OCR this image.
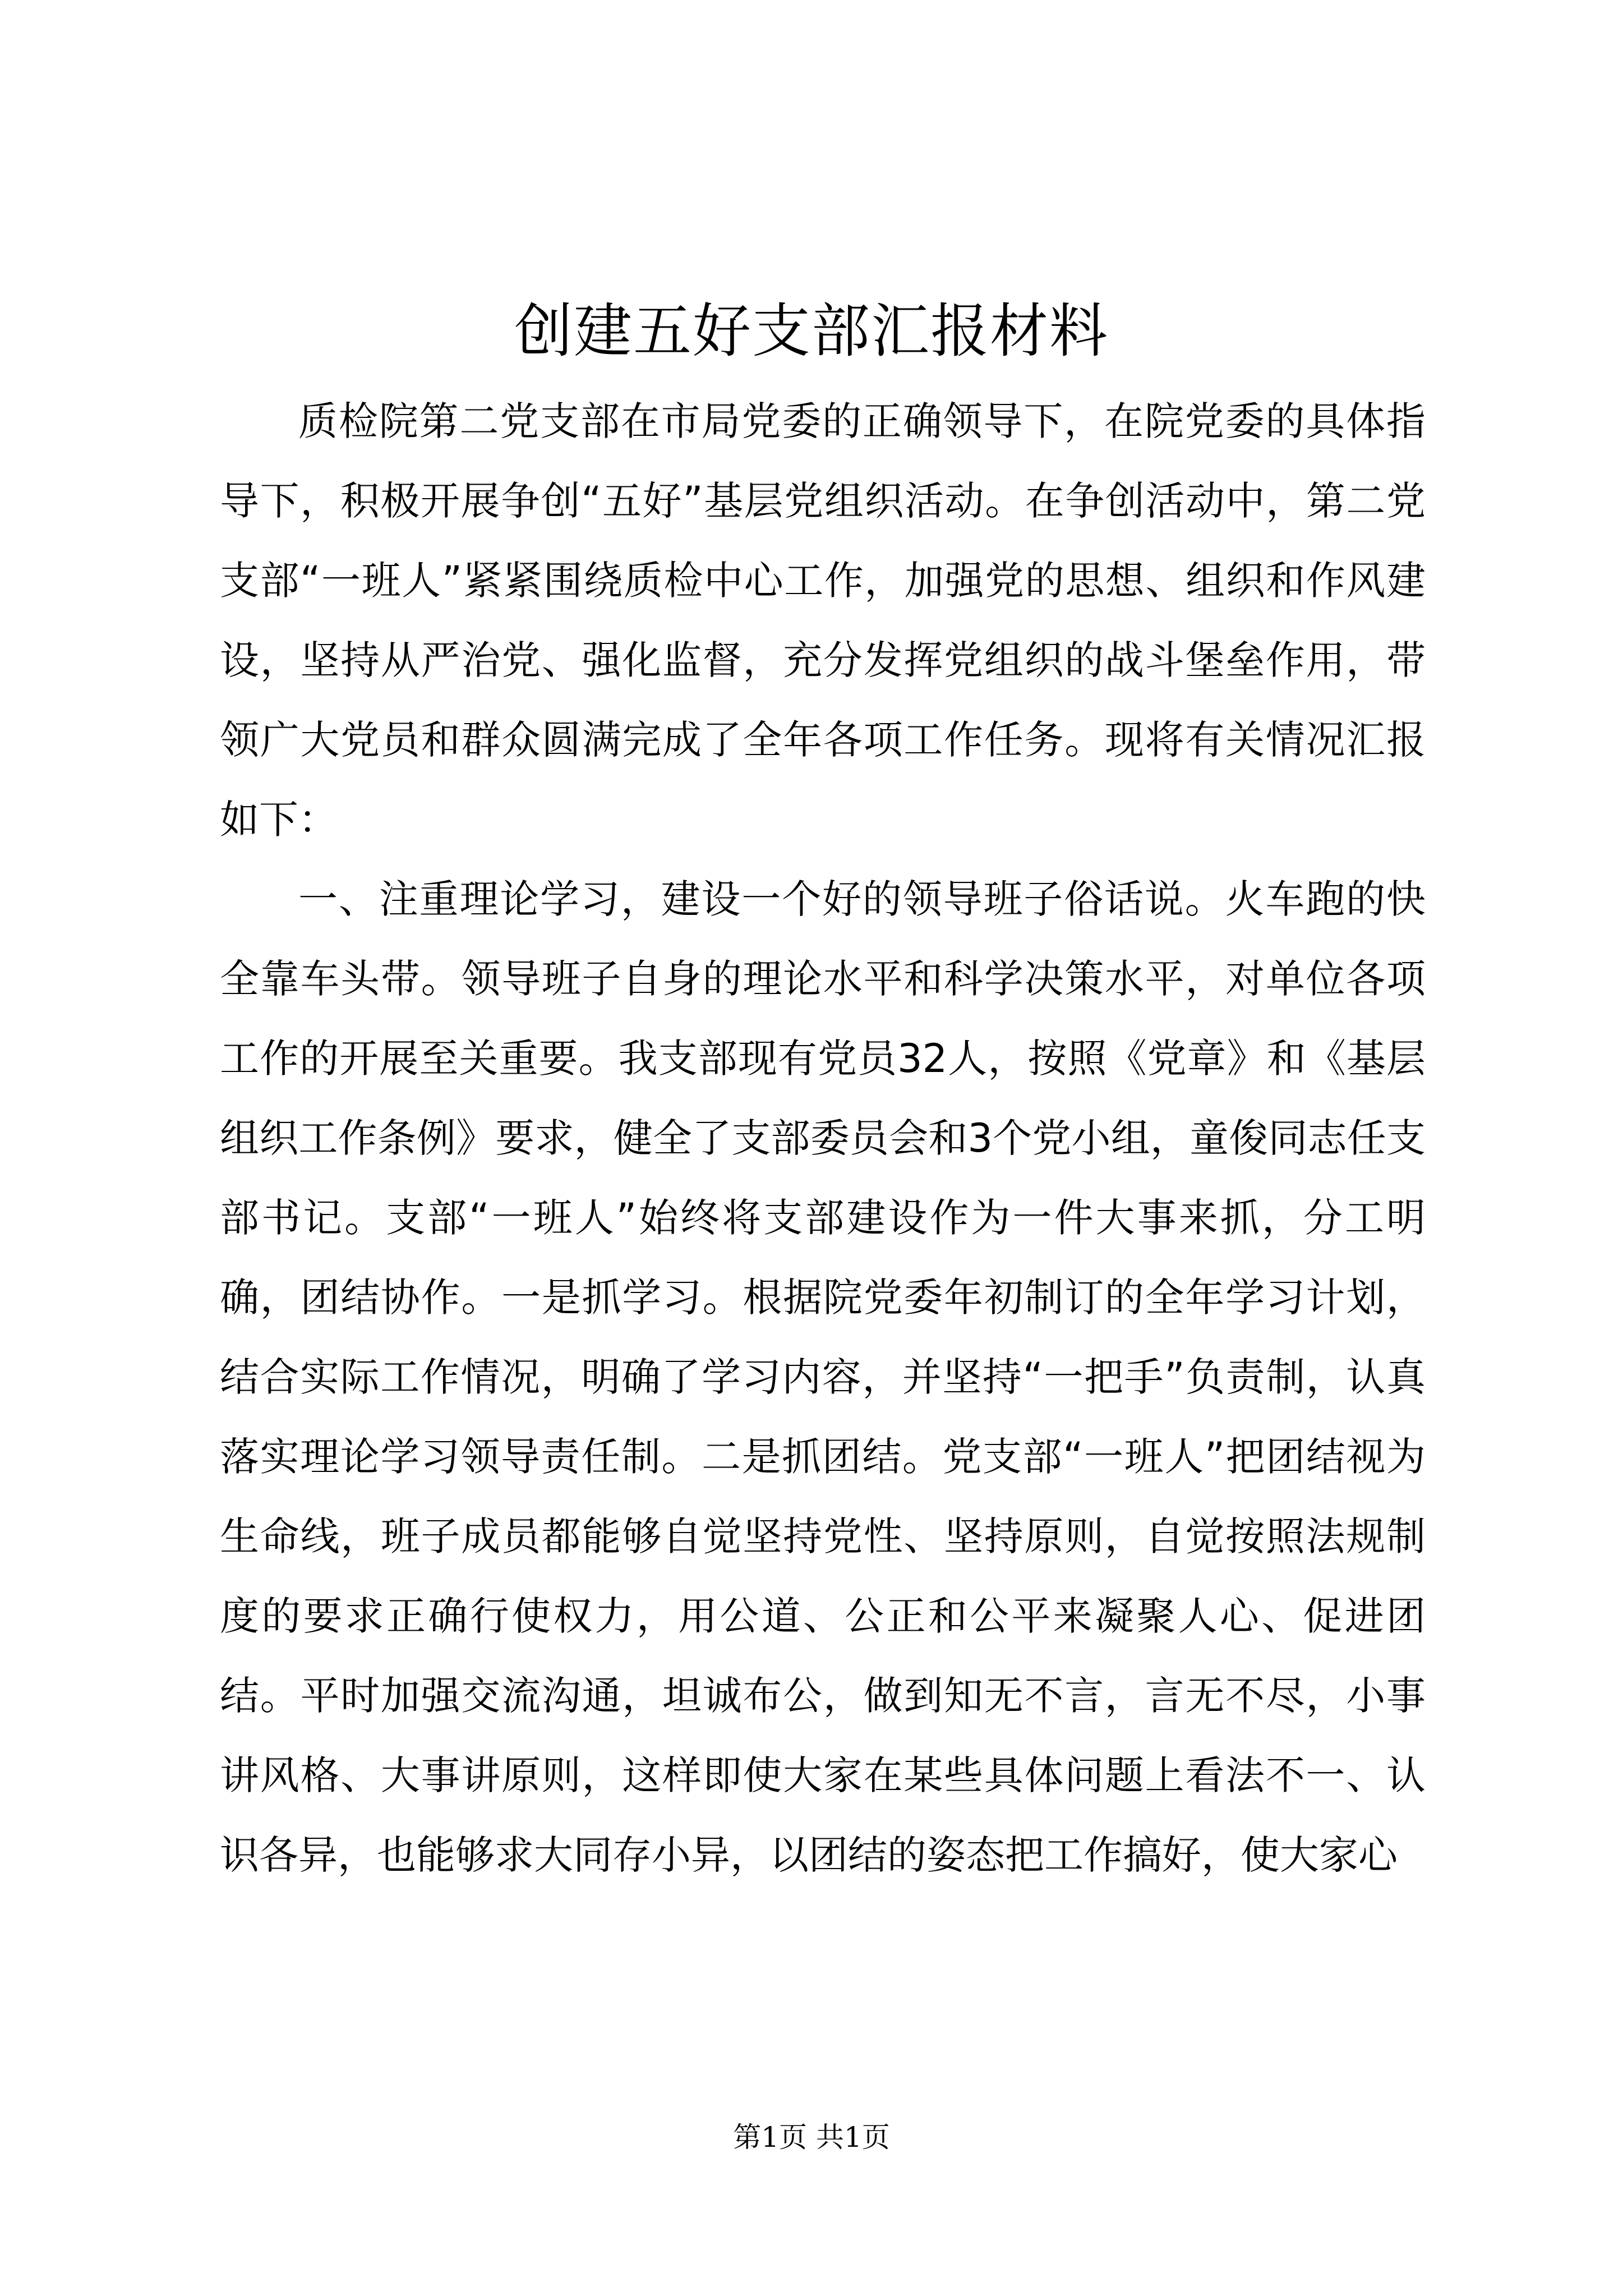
创建五好支部汇报材料

质检院第二党支部在市局党委的正确领导下，在院党委的具体指导下，积极开展争创“五好”基层党组织活动。在争创活动中，第二党支部“一班人”紧紧围绕质检中心工作，加强党的思想、组织和作风建设，坚持从严治党、强化监督，充分发挥党组织的战斗堡垒作用，带领广大党员和群众圆满完成了全年各项工作任务。现将有关情况汇报如下：

一、注重理论学习，建设一个好的领导班子俗话说。火车跑的快全靠车头带。领导班子自身的理论水平和科学决策水平，对单位各项工作的开展至关重要。我支部现有党员32人，按照《党章》和《基层组织工作条例》要求，健全了支部委员会和3个党小组，童俊同志任支部书记。支部“一班人”始终将支部建设作为一件大事来抓，分工明确，团结协作。一是抓学习。根据院党委年初制订的全年学习计划，结合实际工作情况，明确了学习内容，并坚持“一把手”负责制，认真落实理论学习领导责任制。二是抓团结。党支部“一班人”把团结视为生命线，班子成员都能够自觉坚持党性、坚持原则，自觉按照法规制度的要求正确行使权力，用公道、公正和公平来凝聚人心、促进团结。平时加强交流沟通，坦诚布公，做到知无不言，言无不尽，小事讲风格、大事讲原则，这样即使大家在某些具体问题上看法不一、认识各异，也能够求大同存小异，以团结的姿态把工作搞好，使大家心

第1页 共1页
